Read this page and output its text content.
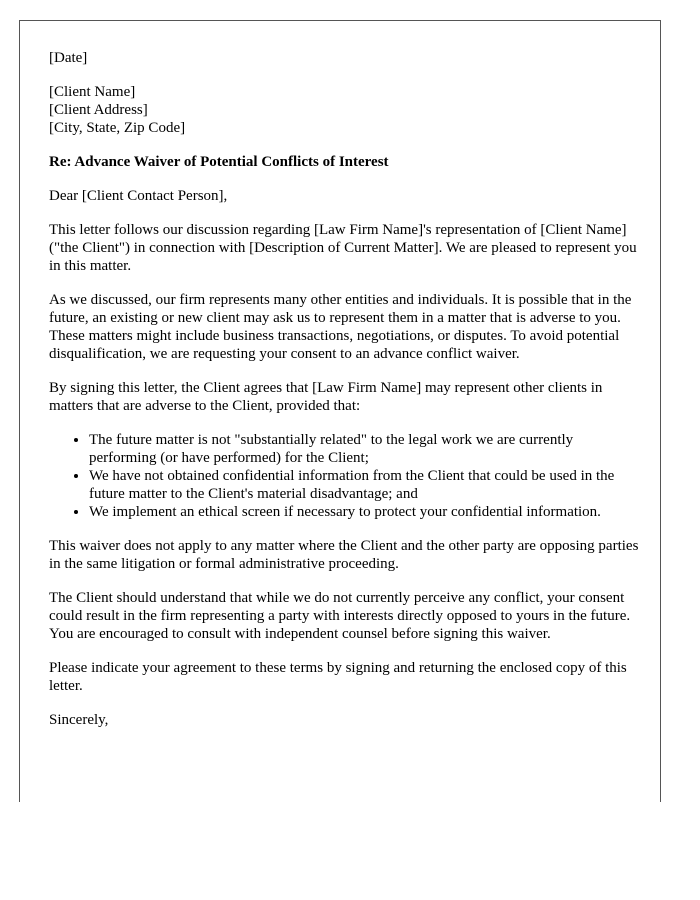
[Date]

[Client Name]
[Client Address]
[City, State, Zip Code]

Re: Advance Waiver of Potential Conflicts of Interest

Dear [Client Contact Person],

This letter follows our discussion regarding [Law Firm Name]'s representation of [Client Name] ("the Client") in connection with [Description of Current Matter]. We are pleased to represent you in this matter.

As we discussed, our firm represents many other entities and individuals. It is possible that in the future, an existing or new client may ask us to represent them in a matter that is adverse to you. These matters might include business transactions, negotiations, or disputes. To avoid potential disqualification, we are requesting your consent to an advance conflict waiver.

By signing this letter, the Client agrees that [Law Firm Name] may represent other clients in matters that are adverse to the Client, provided that:

• The future matter is not "substantially related" to the legal work we are currently performing (or have performed) for the Client;
• We have not obtained confidential information from the Client that could be used in the future matter to the Client's material disadvantage; and
• We implement an ethical screen if necessary to protect your confidential information.

This waiver does not apply to any matter where the Client and the other party are opposing parties in the same litigation or formal administrative proceeding.

The Client should understand that while we do not currently perceive any conflict, your consent could result in the firm representing a party with interests directly opposed to yours in the future. You are encouraged to consult with independent counsel before signing this waiver.

Please indicate your agreement to these terms by signing and returning the enclosed copy of this letter.

Sincerely,
